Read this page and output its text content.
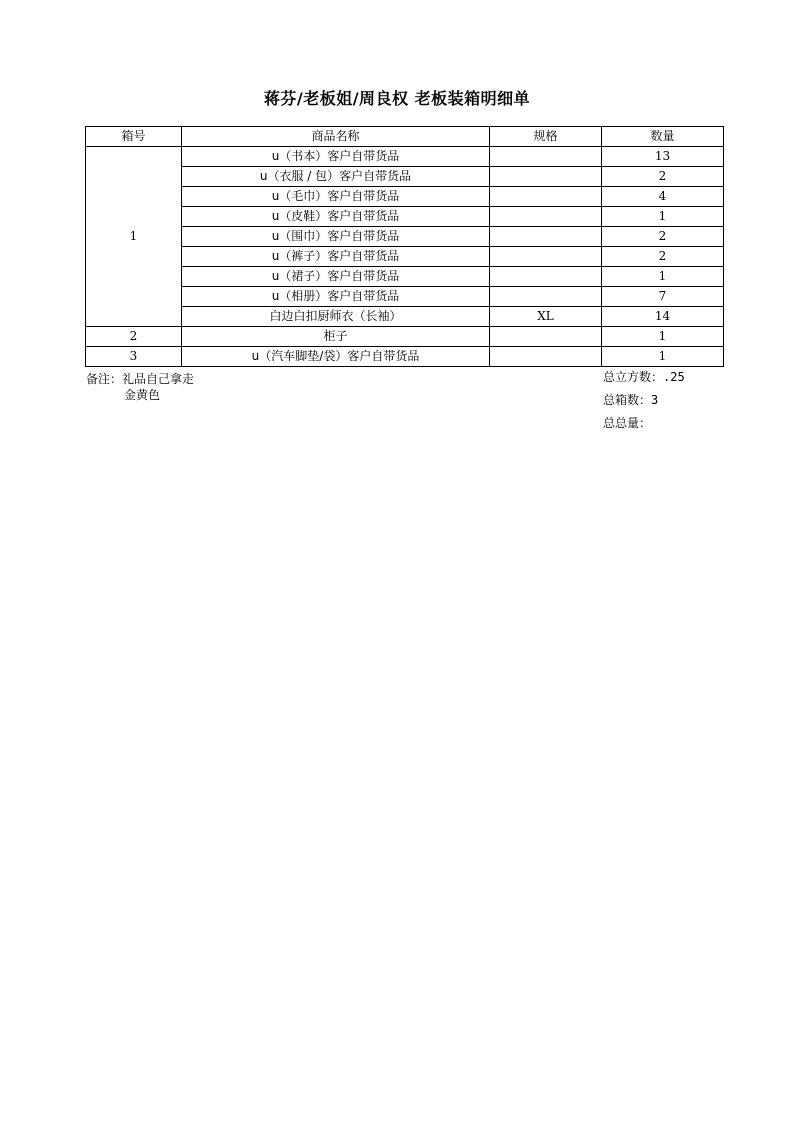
蒋芬/老板姐/周良权 老板装箱明细单
箱号	商品名称	规格	数量
1	u（书本）客户自带货品		13
	u（衣服 / 包）客户自带货品		2
	u（毛巾）客户自带货品		4
	u（皮鞋）客户自带货品		1
	u（围巾）客户自带货品		2
	u（裤子）客户自带货品		2
	u（裙子）客户自带货品		1
	u（相册）客户自带货品		7
	白边白扣厨师衣（长袖）	XL	14
2	柜子		1
3	u（汽车脚垫/袋）客户自带货品		1
备注：礼品自己拿走
金黄色
总立方数：.25
总箱数：3
总总量：
